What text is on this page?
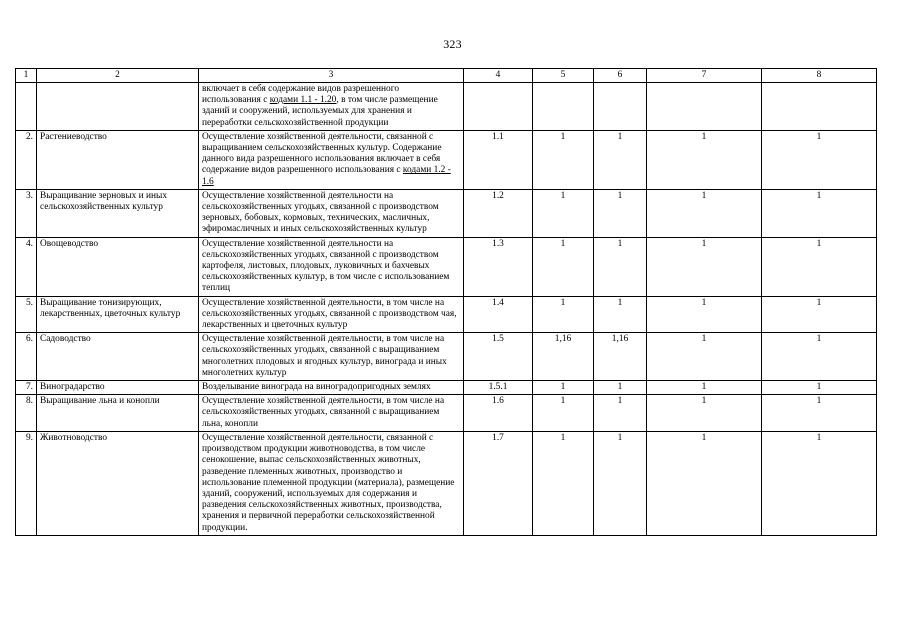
323
1	2	3	4	5	6	7	8
		включает в себя содержание видов разрешенного использования с кодами 1.1 - 1.20, в том числе размещение зданий и сооружений, используемых для хранения и переработки сельскохозяйственной продукции					
2.	Растениеводство	Осуществление хозяйственной деятельности, связанной с выращиванием сельскохозяйственных культур. Содержание данного вида разрешенного использования включает в себя содержание видов разрешенного использования с кодами 1.2 - 1.6	1.1	1	1	1	1
3.	Выращивание зерновых и иных сельскохозяйственных культур	Осуществление хозяйственной деятельности на сельскохозяйственных угодьях, связанной с производством зерновых, бобовых, кормовых, технических, масличных, эфиромасличных и иных сельскохозяйственных культур	1.2	1	1	1	1
4.	Овощеводство	Осуществление хозяйственной деятельности на сельскохозяйственных угодьях, связанной с производством картофеля, листовых, плодовых, луковичных и бахчевых сельскохозяйственных культур, в том числе с использованием теплиц	1.3	1	1	1	1
5.	Выращивание тонизирующих, лекарственных, цветочных культур	Осуществление хозяйственной деятельности, в том числе на сельскохозяйственных угодьях, связанной с производством чая, лекарственных и цветочных культур	1.4	1	1	1	1
6.	Садоводство	Осуществление хозяйственной деятельности, в том числе на сельскохозяйственных угодьях, связанной с выращиванием многолетних плодовых и ягодных культур, винограда и иных многолетних культур	1.5	1,16	1,16	1	1
7.	Виноградарство	Возделывание винограда на виноградопригодных землях	1.5.1	1	1	1	1
8.	Выращивание льна и конопли	Осуществление хозяйственной деятельности, в том числе на сельскохозяйственных угодьях, связанной с выращиванием льна, конопли	1.6	1	1	1	1
9.	Животноводство	Осуществление хозяйственной деятельности, связанной с производством продукции животноводства, в том числе сенокошение, выпас сельскохозяйственных животных, разведение племенных животных, производство и использование племенной продукции (материала), размещение зданий, сооружений, используемых для содержания и разведения сельскохозяйственных животных, производства, хранения и первичной переработки сельскохозяйственной продукции.	1.7	1	1	1	1
